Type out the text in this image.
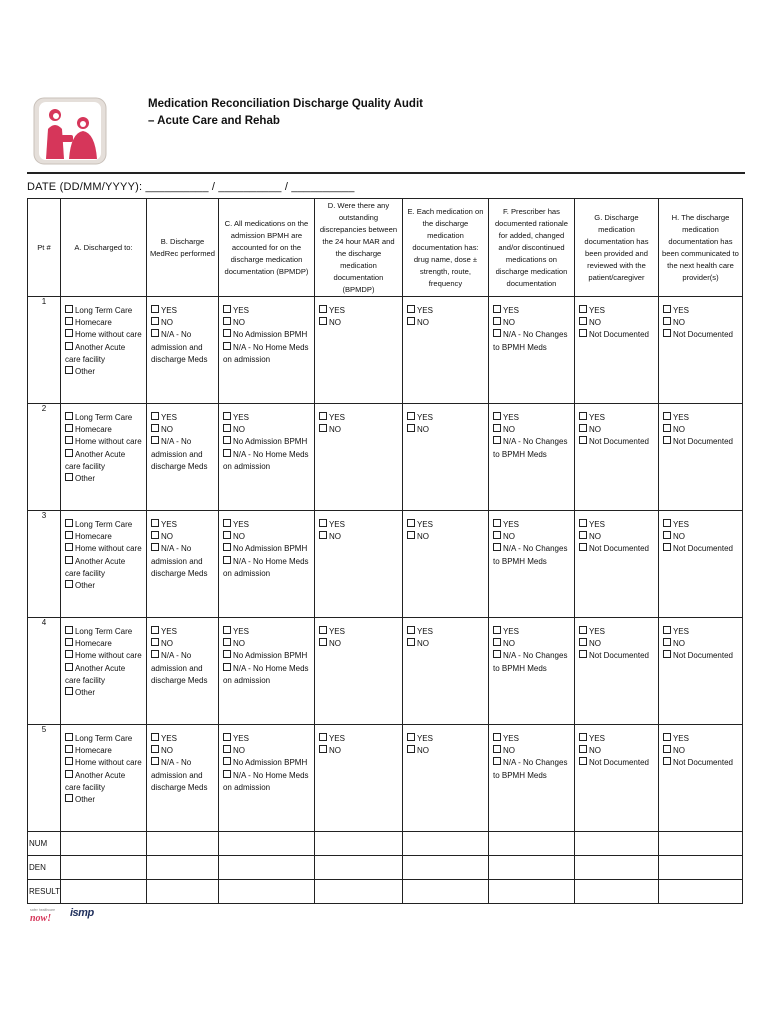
Medication Reconciliation Discharge Quality Audit
– Acute Care and Rehab
DATE (DD/MM/YYYY): __________ / __________ / __________
Pt #	A. Discharged to:	B. Discharge MedRec performed	C. All medications on the admission BPMH are accounted for on the discharge medication documentation (BPMDP)	D. Were there any outstanding discrepancies between the 24 hour MAR and the discharge medication documentation (BPMDP)	E. Each medication on the discharge medication documentation has: drug name, dose ± strength, route, frequency	F. Prescriber has documented rationale for added, changed and/or discontinued medications on discharge medication documentation	G. Discharge medication documentation has been provided and reviewed with the patient/caregiver	H. The discharge medication documentation has been communicated to the next health care provider(s)
1	Long Term Care
Homecare
Home without care
Another Acute care facility
Other	YES
NO
N/A - No admission and discharge Meds	YES
NO
No Admission BPMH
N/A - No Home Meds on admission	YES
NO	YES
NO	YES
NO
N/A - No Changes to BPMH Meds	YES
NO
Not Documented	YES
NO
Not Documented

2	Long Term Care
Homecare
Home without care
Another Acute care facility
Other	YES
NO
N/A - No admission and discharge Meds	YES
NO
No Admission BPMH
N/A - No Home Meds on admission	YES
NO	YES
NO	YES
NO
N/A - No Changes to BPMH Meds	YES
NO
Not Documented	YES
NO
Not Documented

3	Long Term Care
Homecare
Home without care
Another Acute care facility
Other	YES
NO
N/A - No admission and discharge Meds	YES
NO
No Admission BPMH
N/A - No Home Meds on admission	YES
NO	YES
NO	YES
NO
N/A - No Changes to BPMH Meds	YES
NO
Not Documented	YES
NO
Not Documented

4	Long Term Care
Homecare
Home without care
Another Acute care facility
Other	YES
NO
N/A - No admission and discharge Meds	YES
NO
No Admission BPMH
N/A - No Home Meds on admission	YES
NO	YES
NO	YES
NO
N/A - No Changes to BPMH Meds	YES
NO
Not Documented	YES
NO
Not Documented

5	Long Term Care
Homecare
Home without care
Another Acute care facility
Other	YES
NO
N/A - No admission and discharge Meds	YES
NO
No Admission BPMH
N/A - No Home Meds on admission	YES
NO	YES
NO	YES
NO
N/A - No Changes to BPMH Meds	YES
NO
Not Documented	YES
NO
Not Documented

NUM								
DEN								
RESULT								
safer healthcare
now! ismp
